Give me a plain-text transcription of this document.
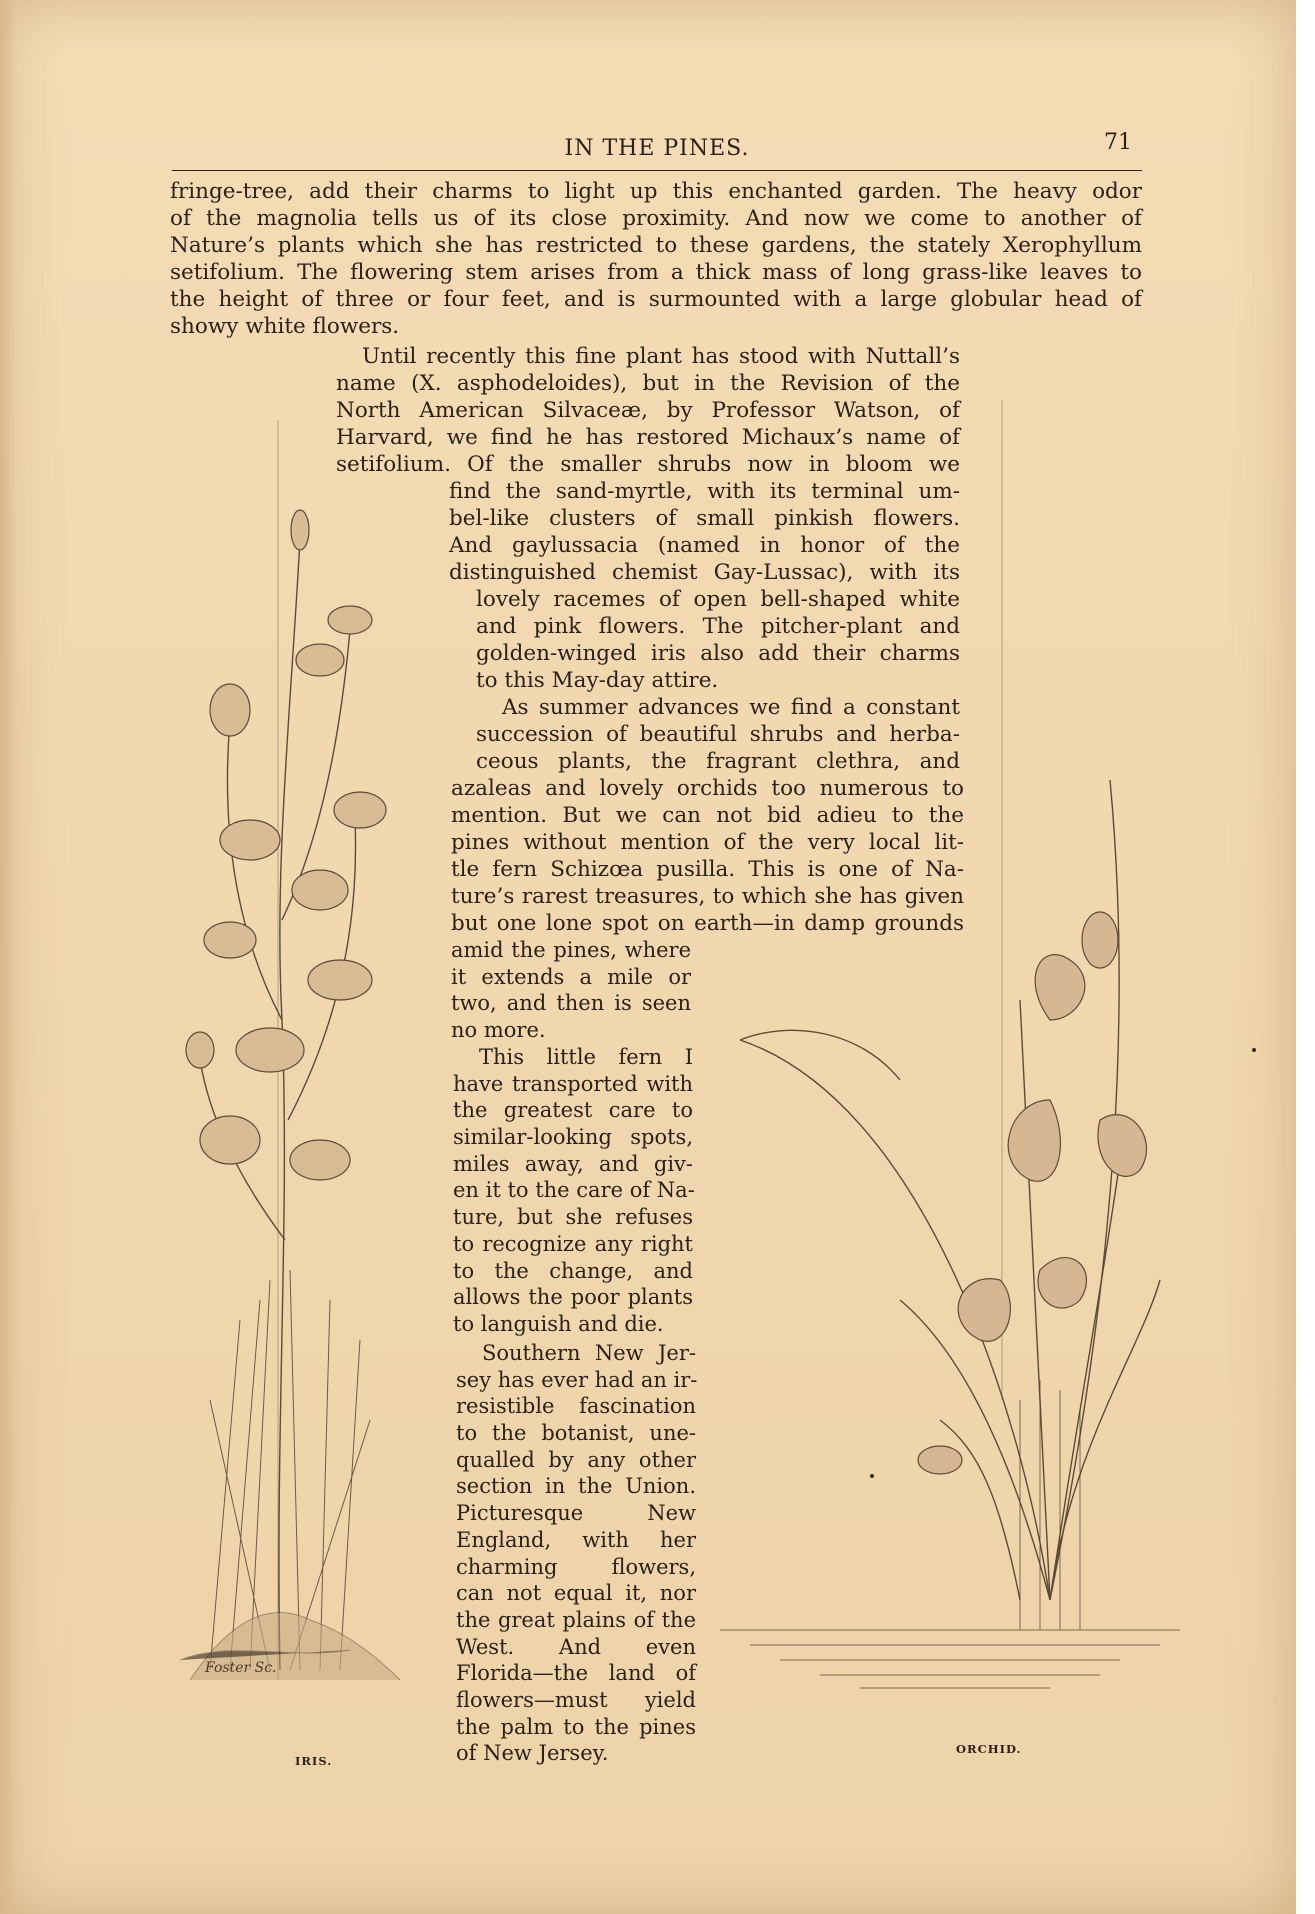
IN THE PINES.	71
Foster Sc.
IRIS.
ORCHID.
fringe-tree, add their charms to light up this enchanted garden. The heavy odor
of the magnolia tells us of its close proximity. And now we come to another of
Nature’s plants which she has restricted to these gardens, the stately Xerophyllum
setifolium. The flowering stem arises from a thick mass of long grass-like leaves to
the height of three or four feet, and is surmounted with a large globular head of
showy white flowers.
Until recently this fine plant has stood with Nuttall’s
name (X. asphodeloides), but in the Revision of the
North American Silvaceæ, by Professor Watson, of
Harvard, we find he has restored Michaux’s name of
setifolium. Of the smaller shrubs now in bloom we
find the sand-myrtle, with its terminal um-
bel-like clusters of small pinkish flowers.
And gaylussacia (named in honor of the
distinguished chemist Gay-Lussac), with its
lovely racemes of open bell-shaped white
and pink flowers. The pitcher-plant and
golden-winged iris also add their charms
to this May-day attire.
As summer advances we find a constant
succession of beautiful shrubs and herba-
ceous plants, the fragrant clethra, and
azaleas and lovely orchids too numerous to
mention. But we can not bid adieu to the
pines without mention of the very local lit-
tle fern Schizœa pusilla. This is one of Na-
ture’s rarest treasures, to which she has given
but one lone spot on earth—in damp grounds
amid the pines, where
it extends a mile or
two, and then is seen
no more.
This little fern I
have transported with
the greatest care to
similar-looking spots,
miles away, and giv-
en it to the care of Na-
ture, but she refuses
to recognize any right
to the change, and
allows the poor plants
to languish and die.
Southern New Jer-
sey has ever had an ir-
resistible fascination
to the botanist, une-
qualled by any other
section in the Union.
Picturesque New
England, with her
charming flowers,
can not equal it, nor
the great plains of the
West. And even
Florida—the land of
flowers—must yield
the palm to the pines
of New Jersey.
